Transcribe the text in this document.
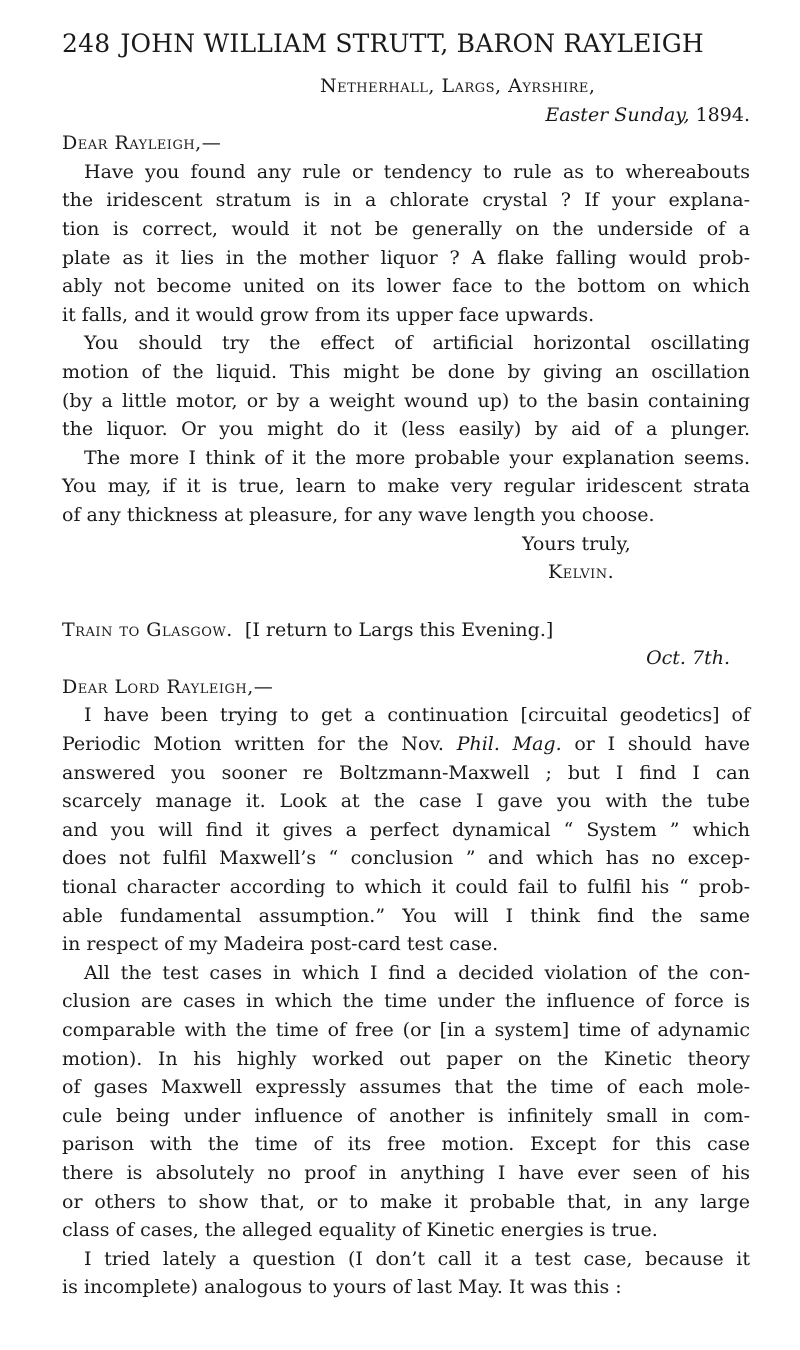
248 JOHN WILLIAM STRUTT, BARON RAYLEIGH
Netherhall, Largs, Ayrshire,
Easter Sunday, 1894.
Dear Rayleigh,—
Have you found any rule or tendency to rule as to whereabouts
the iridescent stratum is in a chlorate crystal ? If your explana-
tion is correct, would it not be generally on the underside of a
plate as it lies in the mother liquor ? A flake falling would prob-
ably not become united on its lower face to the bottom on which
it falls, and it would grow from its upper face upwards.
You should try the effect of artificial horizontal oscillating
motion of the liquid. This might be done by giving an oscillation
(by a little motor, or by a weight wound up) to the basin containing
the liquor. Or you might do it (less easily) by aid of a plunger.
The more I think of it the more probable your explanation seems.
You may, if it is true, learn to make very regular iridescent strata
of any thickness at pleasure, for any wave length you choose.
Yours truly,
Kelvin.
Train to Glasgow. [I return to Largs this Evening.]
Oct. 7th.
Dear Lord Rayleigh,—
I have been trying to get a continuation [circuital geodetics] of
Periodic Motion written for the Nov. Phil. Mag. or I should have
answered you sooner re Boltzmann-Maxwell ; but I find I can
scarcely manage it. Look at the case I gave you with the tube
and you will find it gives a perfect dynamical “ System ” which
does not fulfil Maxwell’s “ conclusion ” and which has no excep-
tional character according to which it could fail to fulfil his “ prob-
able fundamental assumption.” You will I think find the same
in respect of my Madeira post-card test case.
All the test cases in which I find a decided violation of the con-
clusion are cases in which the time under the influence of force is
comparable with the time of free (or [in a system] time of adynamic
motion). In his highly worked out paper on the Kinetic theory
of gases Maxwell expressly assumes that the time of each mole-
cule being under influence of another is infinitely small in com-
parison with the time of its free motion. Except for this case
there is absolutely no proof in anything I have ever seen of his
or others to show that, or to make it probable that, in any large
class of cases, the alleged equality of Kinetic energies is true.
I tried lately a question (I don’t call it a test case, because it
is incomplete) analogous to yours of last May. It was this :
